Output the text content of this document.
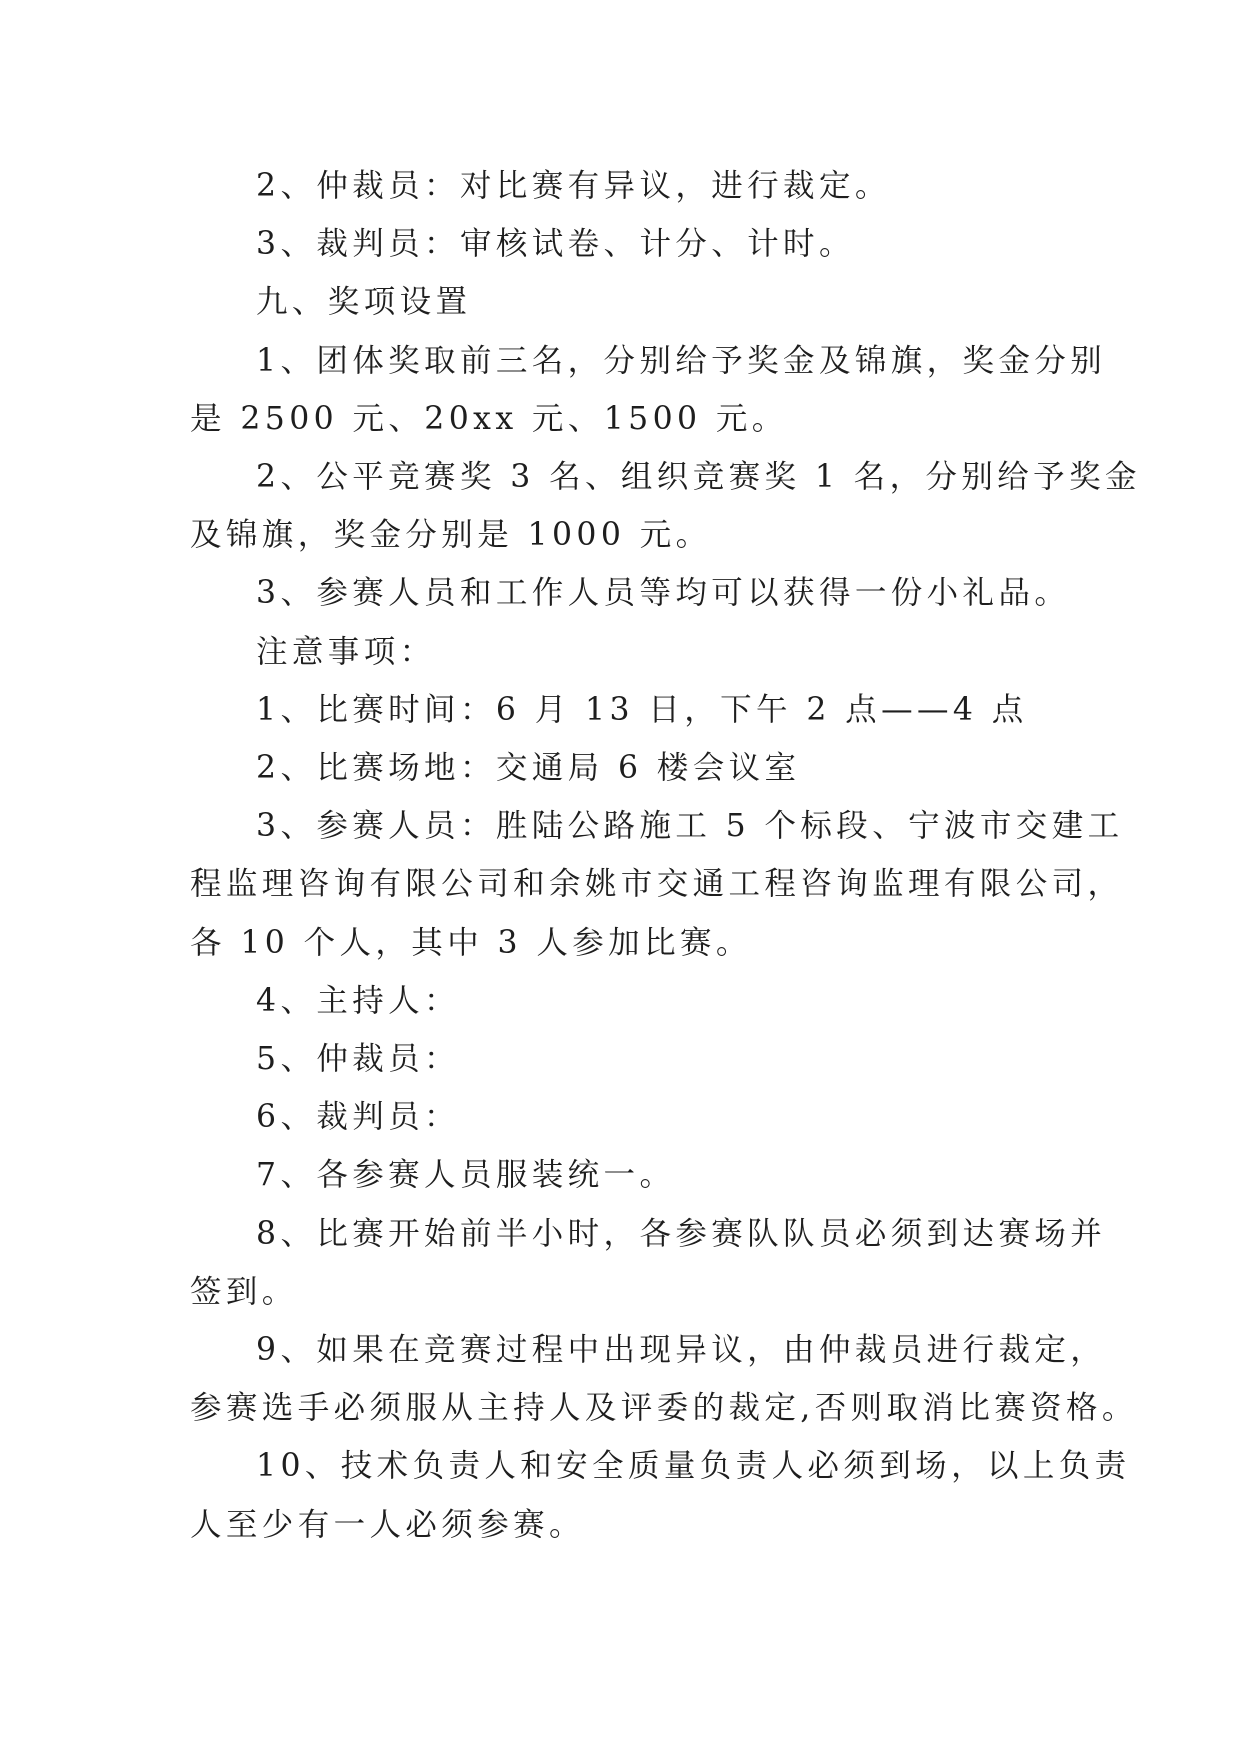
2、仲裁员：对比赛有异议，进行裁定。

3、裁判员：审核试卷、计分、计时。

九、奖项设置

1、团体奖取前三名，分别给予奖金及锦旗，奖金分别
是 2500 元、20xx 元、1500 元。

2、公平竞赛奖 3 名、组织竞赛奖 1 名，分别给予奖金
及锦旗，奖金分别是 1000 元。

3、参赛人员和工作人员等均可以获得一份小礼品。

注意事项：

1、比赛时间：6 月 13 日，下午 2 点——4 点

2、比赛场地：交通局 6 楼会议室

3、参赛人员：胜陆公路施工 5 个标段、宁波市交建工
程监理咨询有限公司和余姚市交通工程咨询监理有限公司，
各 10 个人，其中 3 人参加比赛。

4、主持人：

5、仲裁员：

6、裁判员：

7、各参赛人员服装统一。

8、比赛开始前半小时，各参赛队队员必须到达赛场并
签到。

9、如果在竞赛过程中出现异议，由仲裁员进行裁定，
参赛选手必须服从主持人及评委的裁定,否则取消比赛资格。

10、技术负责人和安全质量负责人必须到场，以上负责
人至少有一人必须参赛。
